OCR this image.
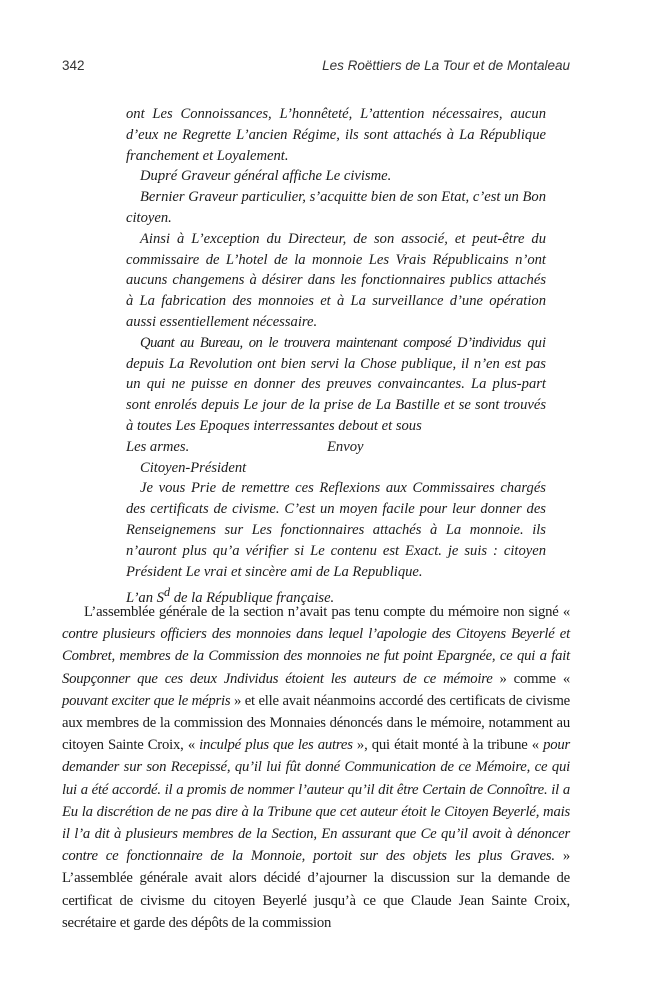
342	Les Roëttiers de La Tour et de Montaleau

ont Les Connoissances, L’honnêteté, L’attention nécessaires, aucun d’eux ne Regrette L’ancien Régime, ils sont attachés à La République franchement et Loyalement.

Dupré Graveur général affiche Le civisme.

Bernier Graveur particulier, s’acquitte bien de son Etat, c’est un Bon citoyen.

Ainsi à L’exception du Directeur, de son associé, et peut-être du commissaire de L’hotel de la monnoie Les Vrais Républicains n’ont aucuns changemens à désirer dans les fonctionnaires publics attachés à La fabrication des monnoies et à La surveillance d’une opération aussi essentiellement nécessaire.

Quant au Bureau, on le trouvera maintenant composé D’individus qui depuis La Revolution ont bien servi la Chose publique, il n’en est pas un qui ne puisse en donner des preuves convaincantes. La plus-part sont enrolés depuis Le jour de la prise de La Bastille et se sont trouvés à toutes Les Epoques interressantes debout et sous

Les armes.	Envoy

Citoyen-Président

Je vous Prie de remettre ces Reflexions aux Commissaires chargés des certificats de civisme. C’est un moyen facile pour leur donner des Renseignemens sur Les fonctionnaires attachés à La monnoie. ils n’auront plus qu’a vérifier si Le contenu est Exact. je suis : citoyen Président Le vrai et sincère ami de La Republique.

L’an $S^d$ de la République française.

L’assemblée générale de la section n’avait pas tenu compte du mémoire non signé « contre plusieurs officiers des monnoies dans lequel l’apologie des Citoyens Beyerlé et Combret, membres de la Commission des monnoies ne fut point Epargnée, ce qui a fait Soupçonner que ces deux Jndividus étoient les auteurs de ce mémoire » comme « pouvant exciter que le mépris » et elle avait néanmoins accordé des certificats de civisme aux membres de la commission des Monnaies dénoncés dans le mémoire, notamment au citoyen Sainte Croix, « inculpé plus que les autres », qui était monté à la tribune « pour demander sur son Recepissé, qu’il lui fût donné Communication de ce Mémoire, ce qui lui a été accordé. il a promis de nommer l’auteur qu’il dit être Certain de Connoître. il a Eu la discrétion de ne pas dire à la Tribune que cet auteur étoit le Citoyen Beyerlé, mais il l’a dit à plusieurs membres de la Section, En assurant que Ce qu’il avoit à dénoncer contre ce fonctionnaire de la Monnoie, portoit sur des objets les plus Graves. » L’assemblée générale avait alors décidé d’ajourner la discussion sur la demande de certificat de civisme du citoyen Beyerlé jusqu’à ce que Claude Jean Sainte Croix, secrétaire et garde des dépôts de la commission
